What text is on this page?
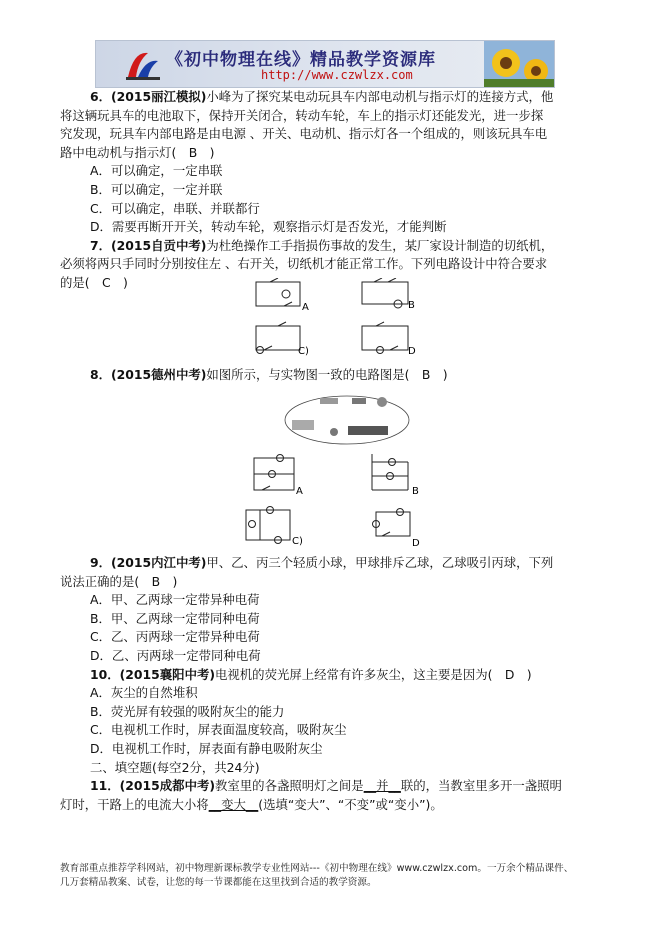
《初中物理在线》精品教学资源库
http://www.czwlzx.com

6．(2015丽江模拟)小峰为了探究某电动玩具车内部电动机与指示灯的连接方式，他

将这辆玩具车的电池取下，保持开关闭合，转动车轮，车上的指示灯还能发光，进一步探

究发现，玩具车内部电路是由电源 、开关、电动机、指示灯各一个组成的，则该玩具车电

路中电动机与指示灯(　B　)

A．可以确定，一定串联

B．可以确定，一定并联

C．可以确定，串联、并联都行

D．需要再断开开关，转动车轮，观察指示灯是否发光，才能判断

7．(2015自贡中考)为杜绝操作工手指损伤事故的发生，某厂家设计制造的切纸机，

必须将两只手同时分别按住左 、右开关，切纸机才能正常工作。下列电路设计中符合要求

的是(　C　)

A	B
C)	D

8．(2015德州中考)如图所示，与实物图一致的电路图是(　B　)

A	B
C)	D

9．(2015内江中考)甲、乙、丙三个轻质小球，甲球排斥乙球，乙球吸引丙球，下列

说法正确的是(　B　)

A．甲、乙两球一定带异种电荷

B．甲、乙两球一定带同种电荷

C．乙、丙两球一定带异种电荷

D．乙、丙两球一定带同种电荷

10．(2015襄阳中考)电视机的荧光屏上经常有许多灰尘，这主要是因为(　D　)

A．灰尘的自然堆积

B．荧光屏有较强的吸附灰尘的能力

C．电视机工作时，屏表面温度较高，吸附灰尘

D．电视机工作时，屏表面有静电吸附灰尘

二、填空题(每空2分，共24分)

11．(2015成都中考)教室里的各盏照明灯之间是__并__联的，当教室里多开一盏照明

灯时，干路上的电流大小将__变大__(选填“变大”、“不变”或“变小”)。

教育部重点推荐学科网站，初中物理新课标教学专业性网站---《初中物理在线》www.czwlzx.com。一万余个精品课件、
几万套精品教案、试卷，让您的每一节课都能在这里找到合适的教学资源。
